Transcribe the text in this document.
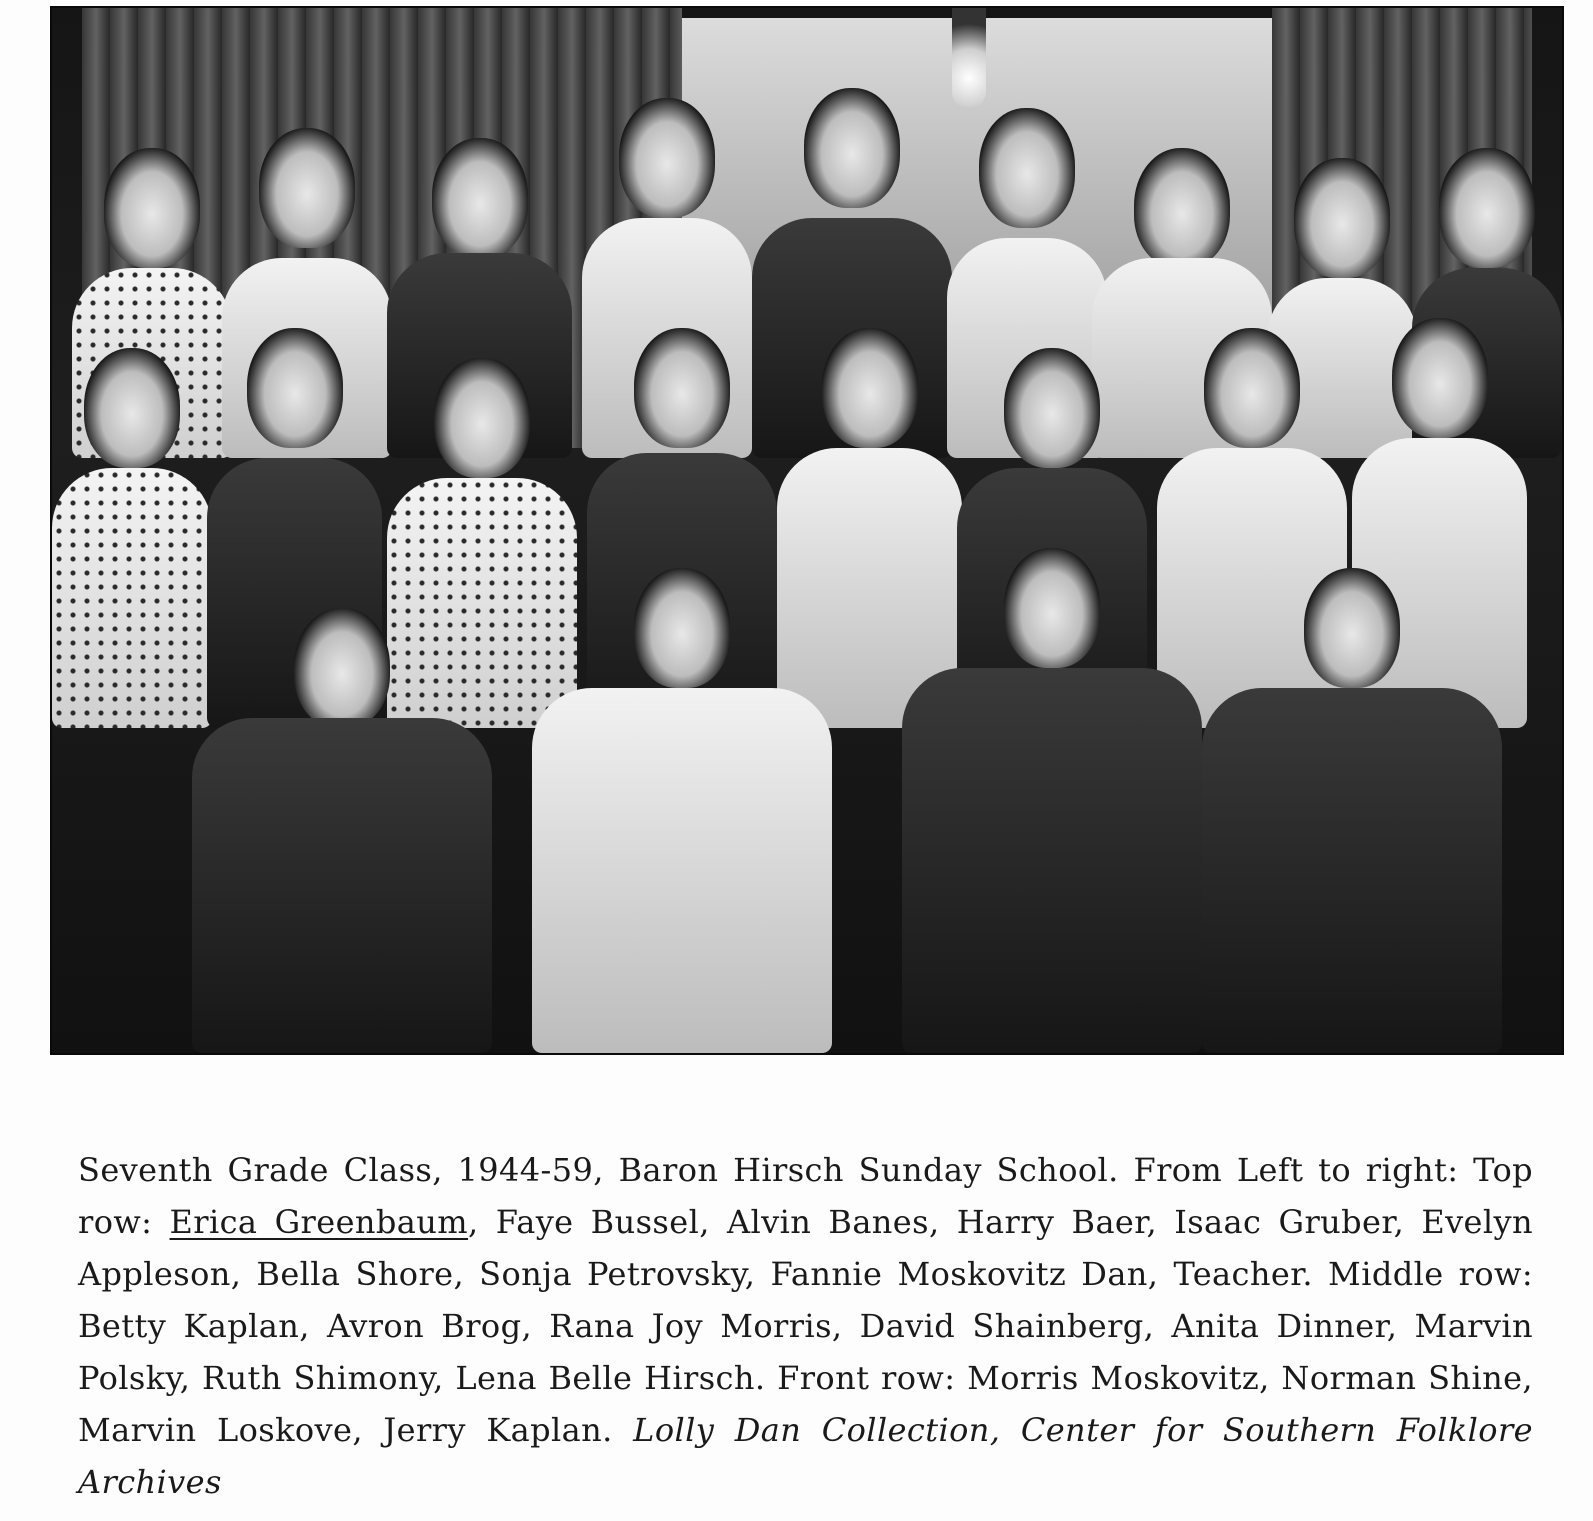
Seventh Grade Class, 1944-59, Baron Hirsch Sunday School. From Left to right: Top row: Erica Greenbaum, Faye Bussel, Alvin Banes, Harry Baer, Isaac Gruber, Evelyn Appleson, Bella Shore, Sonja Petrovsky, Fannie Moskovitz Dan, Teacher. Middle row: Betty Kaplan, Avron Brog, Rana Joy Morris, David Shainberg, Anita Dinner, Marvin Polsky, Ruth Shimony, Lena Belle Hirsch. Front row: Morris Moskovitz, Norman Shine, Marvin Loskove, Jerry Kaplan. Lolly Dan Collection, Center for Southern Folklore Archives
